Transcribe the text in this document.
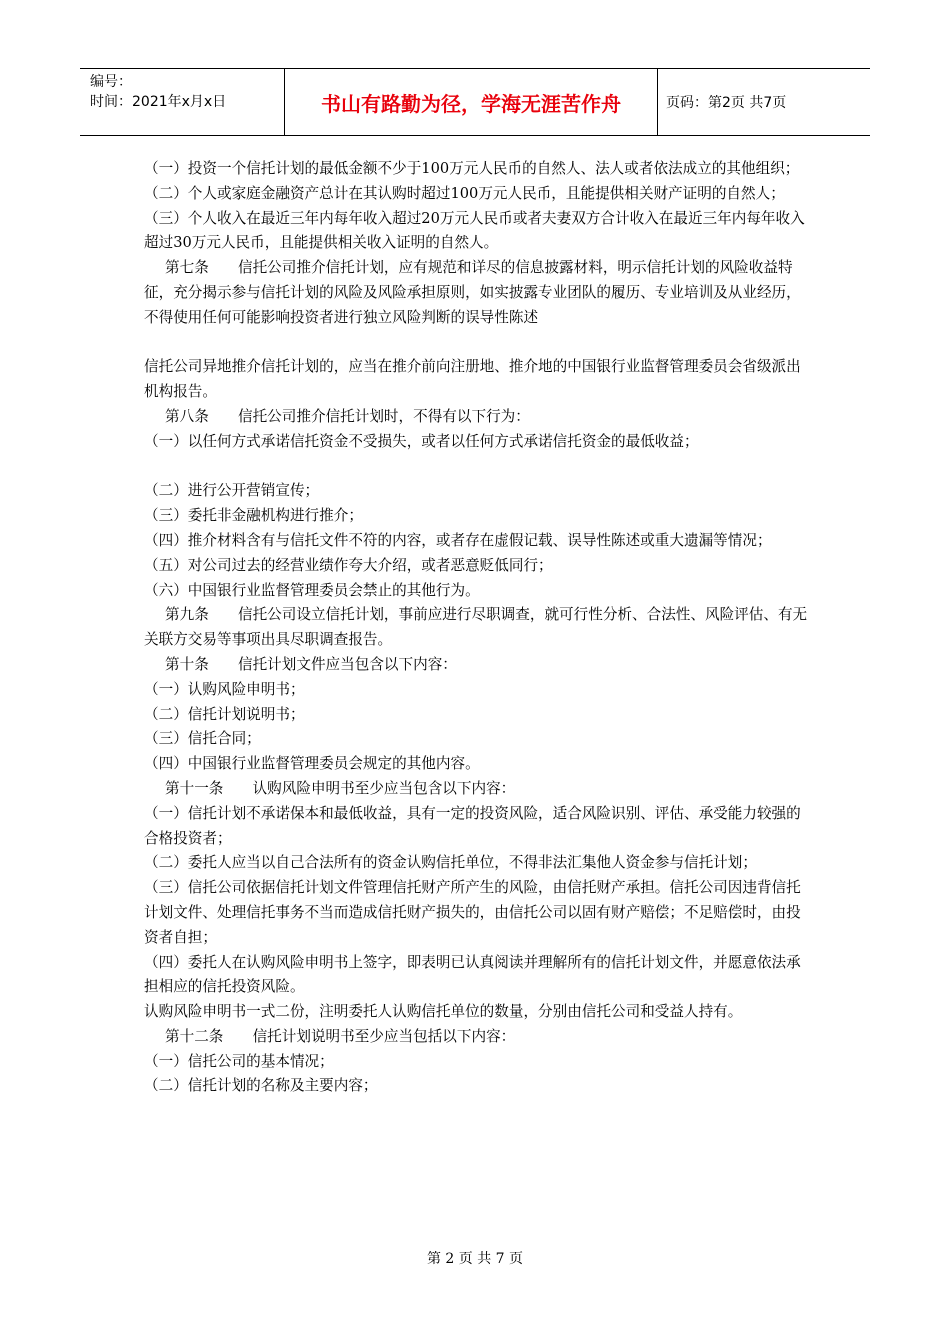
编号：
时间：2021年x月x日	书山有路勤为径，学海无涯苦作舟	页码：第2页 共7页

（一）投资一个信托计划的最低金额不少于100万元人民币的自然人、法人或者依法成立的其他组织；

（二）个人或家庭金融资产总计在其认购时超过100万元人民币，且能提供相关财产证明的自然人；

（三）个人收入在最近三年内每年收入超过20万元人民币或者夫妻双方合计收入在最近三年内每年收入超过30万元人民币，且能提供相关收入证明的自然人。

第七条　　信托公司推介信托计划，应有规范和详尽的信息披露材料，明示信托计划的风险收益特征，充分揭示参与信托计划的风险及风险承担原则，如实披露专业团队的履历、专业培训及从业经历，不得使用任何可能影响投资者进行独立风险判断的误导性陈述

信托公司异地推介信托计划的，应当在推介前向注册地、推介地的中国银行业监督管理委员会省级派出机构报告。

第八条　　信托公司推介信托计划时，不得有以下行为：

（一）以任何方式承诺信托资金不受损失，或者以任何方式承诺信托资金的最低收益；

（二）进行公开营销宣传；

（三）委托非金融机构进行推介；

（四）推介材料含有与信托文件不符的内容，或者存在虚假记载、误导性陈述或重大遗漏等情况；

（五）对公司过去的经营业绩作夸大介绍，或者恶意贬低同行；

（六）中国银行业监督管理委员会禁止的其他行为。

第九条　　信托公司设立信托计划，事前应进行尽职调查，就可行性分析、合法性、风险评估、有无关联方交易等事项出具尽职调查报告。

第十条　　信托计划文件应当包含以下内容：

（一）认购风险申明书；

（二）信托计划说明书；

（三）信托合同；

（四）中国银行业监督管理委员会规定的其他内容。

第十一条　　认购风险申明书至少应当包含以下内容：

（一）信托计划不承诺保本和最低收益，具有一定的投资风险，适合风险识别、评估、承受能力较强的合格投资者；

（二）委托人应当以自己合法所有的资金认购信托单位，不得非法汇集他人资金参与信托计划；

（三）信托公司依据信托计划文件管理信托财产所产生的风险，由信托财产承担。信托公司因违背信托计划文件、处理信托事务不当而造成信托财产损失的，由信托公司以固有财产赔偿；不足赔偿时，由投资者自担；

（四）委托人在认购风险申明书上签字，即表明已认真阅读并理解所有的信托计划文件，并愿意依法承担相应的信托投资风险。

认购风险申明书一式二份，注明委托人认购信托单位的数量，分别由信托公司和受益人持有。

第十二条　　信托计划说明书至少应当包括以下内容：

（一）信托公司的基本情况；

（二）信托计划的名称及主要内容；

第 2 页 共 7 页
